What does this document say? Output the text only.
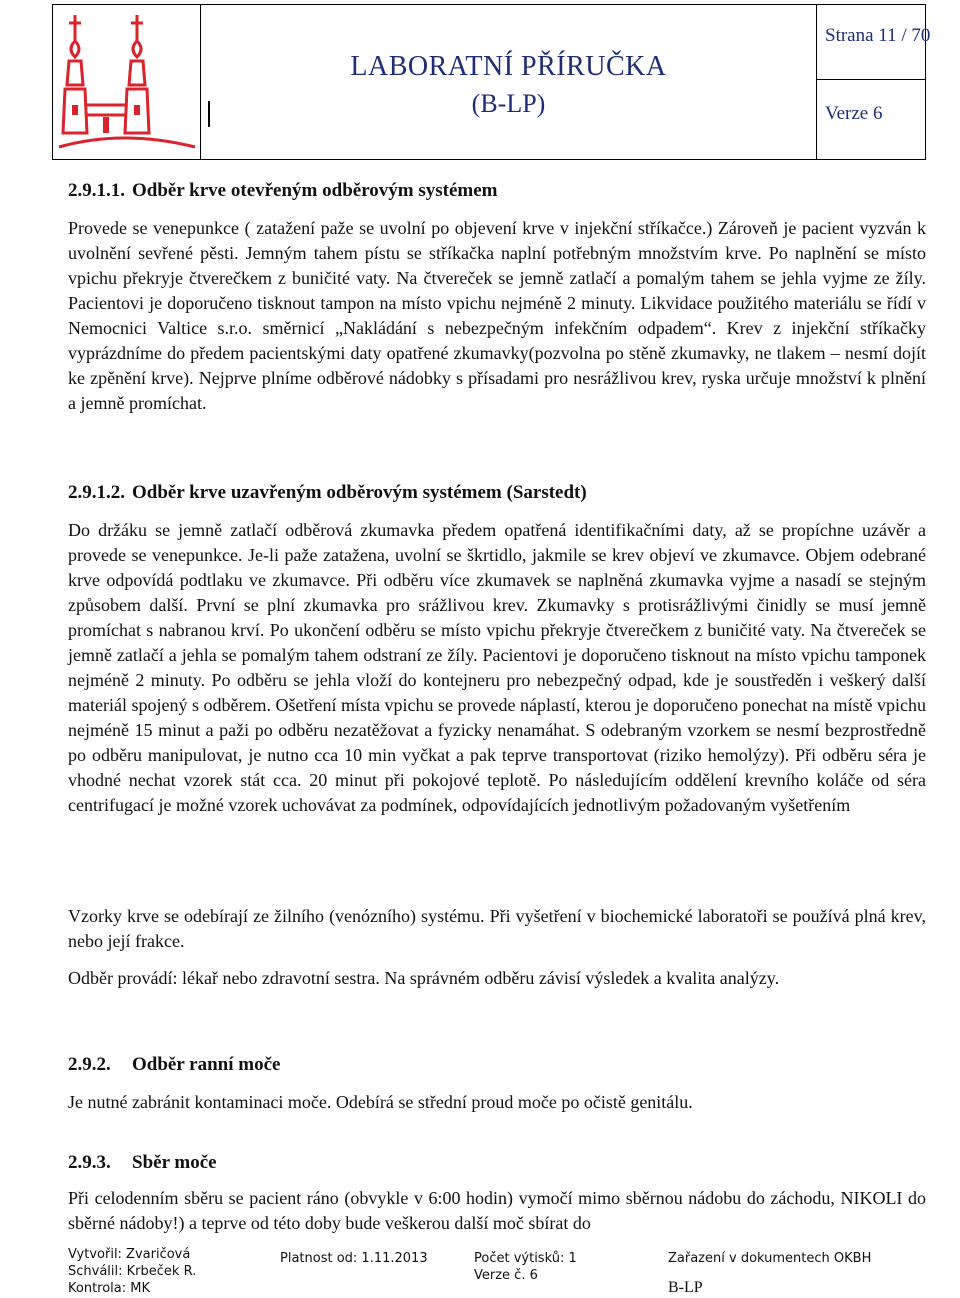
LABORATNÍ PŘÍRUČKA
(B-LP)
Strana 11 / 70
Verze 6
2.9.1.1. Odběr krve otevřeným odběrovým systémem

Provede se venepunkce ( zatažení paže se uvolní po objevení krve v injekční stříkačce.) Zároveň je pacient vyzván k uvolnění sevřené pěsti. Jemným tahem pístu se stříkačka naplní potřebným množstvím krve. Po naplnění se místo vpichu překryje čtverečkem z buničité vaty. Na čtvereček se jemně zatlačí a pomalým tahem se jehla vyjme ze žíly. Pacientovi je doporučeno tisknout tampon na místo vpichu nejméně 2 minuty. Likvidace použitého materiálu se řídí v Nemocnici Valtice s.r.o. směrnicí „Nakládání s nebezpečným infekčním odpadem“. Krev z injekční stříkačky vyprázdníme do předem pacientskými daty opatřené zkumavky(pozvolna po stěně zkumavky, ne tlakem – nesmí dojít ke zpěnění krve). Nejprve plníme odběrové nádobky s přísadami pro nesrážlivou krev, ryska určuje množství k plnění a jemně promíchat.

2.9.1.2. Odběr krve uzavřeným odběrovým systémem (Sarstedt)

Do držáku se jemně zatlačí odběrová zkumavka předem opatřená identifikačními daty, až se propíchne uzávěr a provede se venepunkce. Je-li paže zatažena, uvolní se škrtidlo, jakmile se krev objeví ve zkumavce. Objem odebrané krve odpovídá podtlaku ve zkumavce. Při odběru více zkumavek se naplněná zkumavka vyjme a nasadí se stejným způsobem další. První se plní zkumavka pro srážlivou krev. Zkumavky s protisrážlivými činidly se musí jemně promíchat s nabranou krví. Po ukončení odběru se místo vpichu překryje čtverečkem z buničité vaty. Na čtvereček se jemně zatlačí a jehla se pomalým tahem odstraní ze žíly. Pacientovi je doporučeno tisknout na místo vpichu tamponek nejméně 2 minuty. Po odběru se jehla vloží do kontejneru pro nebezpečný odpad, kde je soustředěn i veškerý další materiál spojený s odběrem. Ošetření místa vpichu se provede náplastí, kterou je doporučeno ponechat na místě vpichu nejméně 15 minut a paži po odběru nezatěžovat a fyzicky nenamáhat. S odebraným vzorkem se nesmí bezprostředně po odběru manipulovat, je nutno cca 10 min vyčkat a pak teprve transportovat (riziko hemolýzy). Při odběru séra je vhodné nechat vzorek stát cca. 20 minut při pokojové teplotě. Po následujícím oddělení krevního koláče od séra centrifugací je možné vzorek uchovávat za podmínek, odpovídajících jednotlivým požadovaným vyšetřením

Vzorky krve se odebírají ze žilního (venózního) systému. Při vyšetření v biochemické laboratoři se používá plná krev, nebo její frakce.

Odběr provádí: lékař nebo zdravotní sestra. Na správném odběru závisí výsledek a kvalita analýzy.

2.9.2. Odběr ranní moče

Je nutné zabránit kontaminaci moče. Odebírá se střední proud moče po očistě genitálu.

2.9.3. Sběr moče

Při celodenním sběru se pacient ráno (obvykle v 6:00 hodin) vymočí mimo sběrnou nádobu do záchodu, NIKOLI do sběrné nádoby!) a teprve od této doby bude veškerou další moč sbírat do

Vytvořil: Zvaričová
Schválil: Krbeček R.
Kontrola: MK
Platnost od: 1.11.2013	Počet výtisků: 1
Verze č. 6
Zařazení v dokumentech OKBH
B-LP
